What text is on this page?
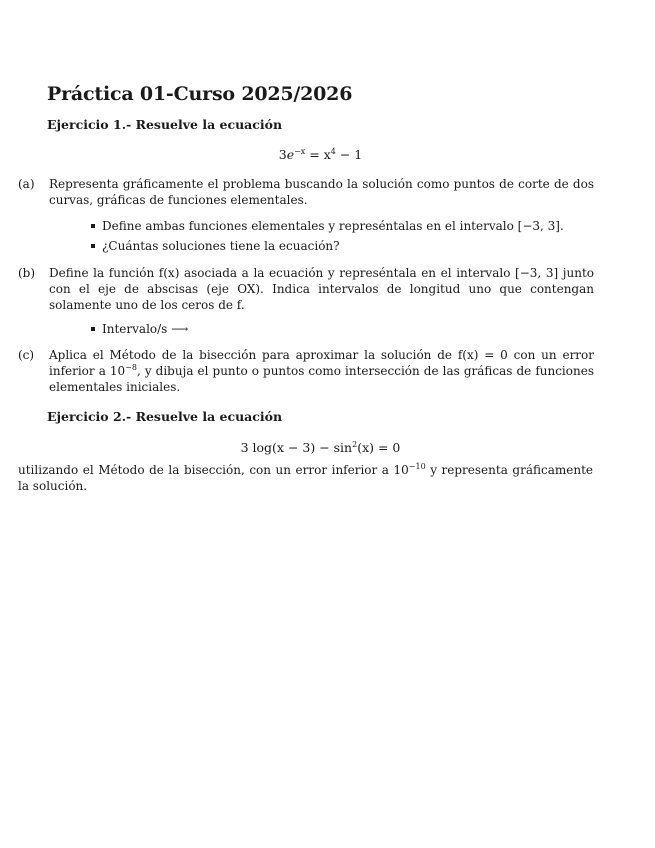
Práctica 01-Curso 2025/2026
Ejercicio 1.- Resuelve la ecuación
$3e^{-x} = x^4 - 1$
(a)	Representa gráficamente el problema buscando la solución como puntos de corte de dos curvas, gráficas de funciones elementales.
Define ambas funciones elementales y represéntalas en el intervalo [−3, 3].
¿Cuántas soluciones tiene la ecuación?
(b)	Define la función f(x) asociada a la ecuación y represéntala en el intervalo [−3, 3] junto con el eje de abscisas (eje OX). Indica intervalos de longitud uno que contengan solamente uno de los ceros de f.
Intervalo/s ⟶
(c)	Aplica el Método de la bisección para aproximar la solución de f(x) = 0 con un error inferior a $10^{-8}$, y dibuja el punto o puntos como intersección de las gráficas de funciones elementales iniciales.
Ejercicio 2.- Resuelve la ecuación
3 $\log(x - 3) - \sin^2(x) = 0$
utilizando el Método de la bisección, con un error inferior a $10^{-10}$ y representa gráficamente la solución.
